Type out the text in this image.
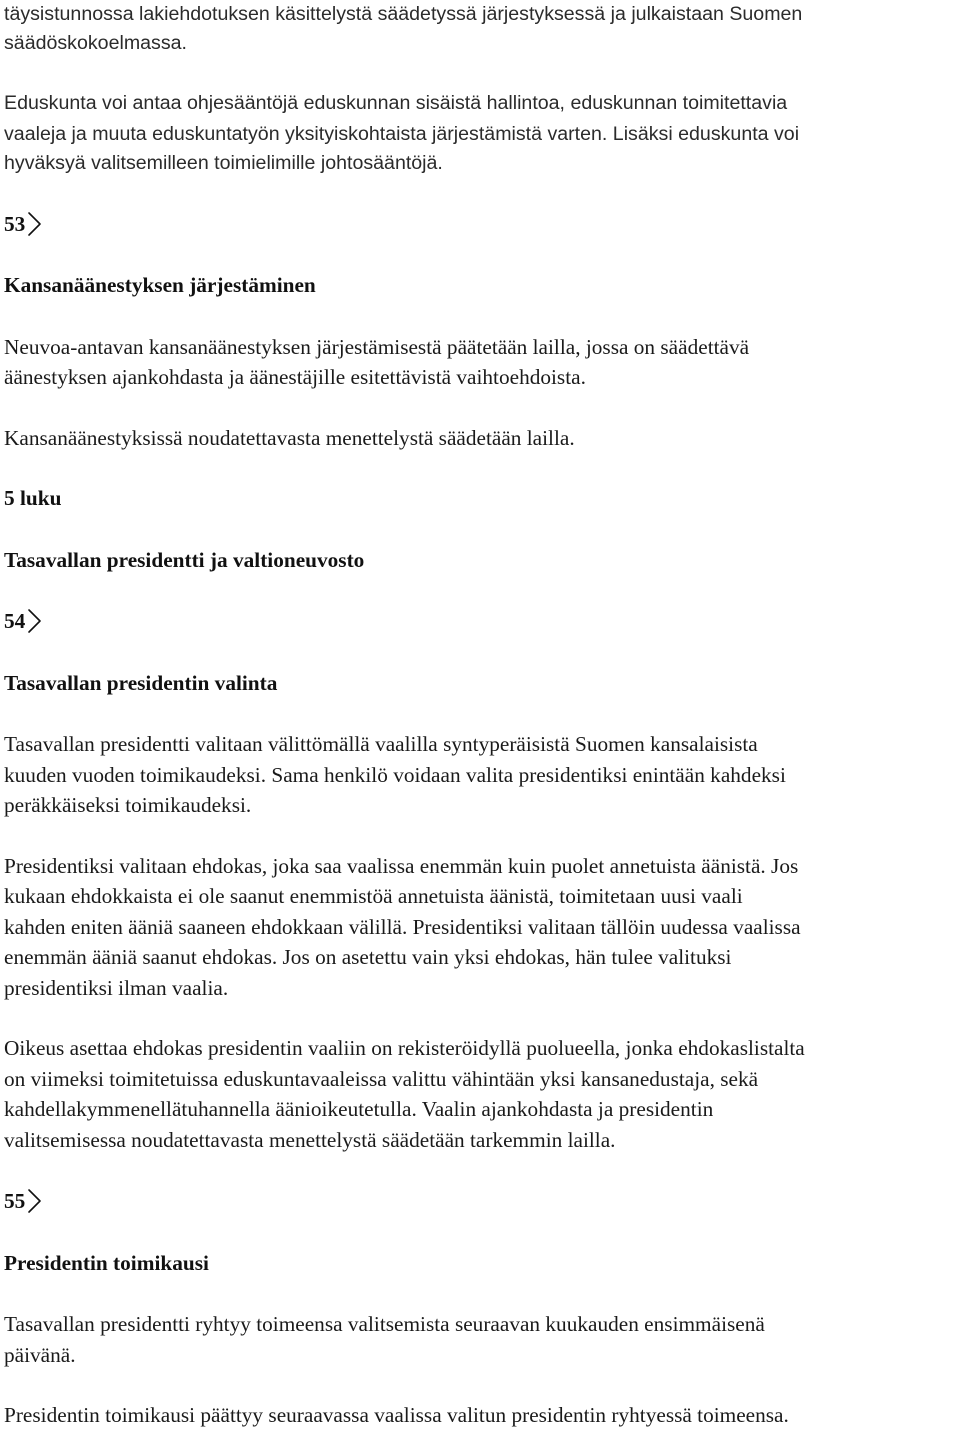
täysistunnossa lakiehdotuksen käsittelystä säädetyssä järjestyksessä ja julkaistaan Suomen
säädöskokoelmassa.
Eduskunta voi antaa ohjesääntöjä eduskunnan sisäistä hallintoa, eduskunnan toimitettavia
vaaleja ja muuta eduskuntatyön yksityiskohtaista järjestämistä varten. Lisäksi eduskunta voi
hyväksyä valitsemilleen toimielimille johtosääntöjä.
53
Kansanäänestyksen järjestäminen
Neuvoa-antavan kansanäänestyksen järjestämisestä päätetään lailla, jossa on säädettävä
äänestyksen ajankohdasta ja äänestäjille esitettävistä vaihtoehdoista.
Kansanäänestyksissä noudatettavasta menettelystä säädetään lailla.
5 luku
Tasavallan presidentti ja valtioneuvosto
54
Tasavallan presidentin valinta
Tasavallan presidentti valitaan välittömällä vaalilla syntyperäisistä Suomen kansalaisista
kuuden vuoden toimikaudeksi. Sama henkilö voidaan valita presidentiksi enintään kahdeksi
peräkkäiseksi toimikaudeksi.
Presidentiksi valitaan ehdokas, joka saa vaalissa enemmän kuin puolet annetuista äänistä. Jos
kukaan ehdokkaista ei ole saanut enemmistöä annetuista äänistä, toimitetaan uusi vaali
kahden eniten ääniä saaneen ehdokkaan välillä. Presidentiksi valitaan tällöin uudessa vaalissa
enemmän ääniä saanut ehdokas. Jos on asetettu vain yksi ehdokas, hän tulee valituksi
presidentiksi ilman vaalia.
Oikeus asettaa ehdokas presidentin vaaliin on rekisteröidyllä puolueella, jonka ehdokaslistalta
on viimeksi toimitetuissa eduskuntavaaleissa valittu vähintään yksi kansanedustaja, sekä
kahdellakymmenellätuhannella äänioikeutetulla. Vaalin ajankohdasta ja presidentin
valitsemisessa noudatettavasta menettelystä säädetään tarkemmin lailla.
55
Presidentin toimikausi
Tasavallan presidentti ryhtyy toimeensa valitsemista seuraavan kuukauden ensimmäisenä
päivänä.
Presidentin toimikausi päättyy seuraavassa vaalissa valitun presidentin ryhtyessä toimeensa.
